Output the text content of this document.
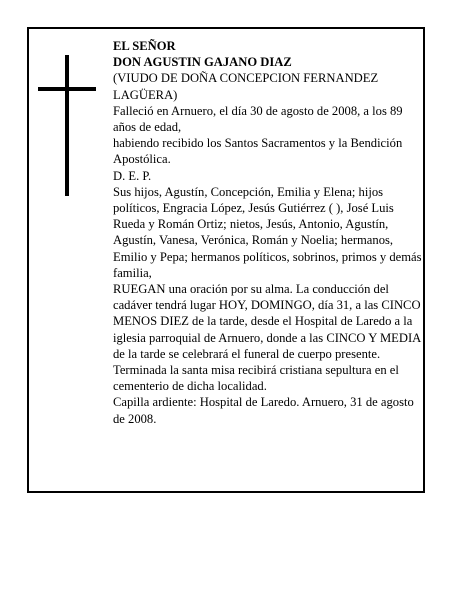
EL SEÑOR

DON AGUSTIN GAJANO DIAZ

(VIUDO DE DOÑA CONCEPCION FERNANDEZ LAGÜERA)

Falleció en Arnuero, el día 30 de agosto de 2008, a los 89 años de edad,

habiendo recibido los Santos Sacramentos y la Bendición Apostólica.

D. E. P.

Sus hijos, Agustín, Concepción, Emilia y Elena; hijos políticos, Engracia López, Jesús Gutiérrez ( ), José Luis Rueda y Román Ortiz; nietos, Jesús, Antonio, Agustín, Agustín, Vanesa, Verónica, Román y Noelia; hermanos, Emilio y Pepa; hermanos políticos, sobrinos, primos y demás familia,

RUEGAN una oración por su alma. La conducción del cadáver tendrá lugar HOY, DOMINGO, día 31, a las CINCO MENOS DIEZ de la tarde, desde el Hospital de Laredo a la iglesia parroquial de Arnuero, donde a las CINCO Y MEDIA de la tarde se celebrará el funeral de cuerpo presente. Terminada la santa misa recibirá cristiana sepultura en el cementerio de dicha localidad.

Capilla ardiente: Hospital de Laredo. Arnuero, 31 de agosto de 2008.
